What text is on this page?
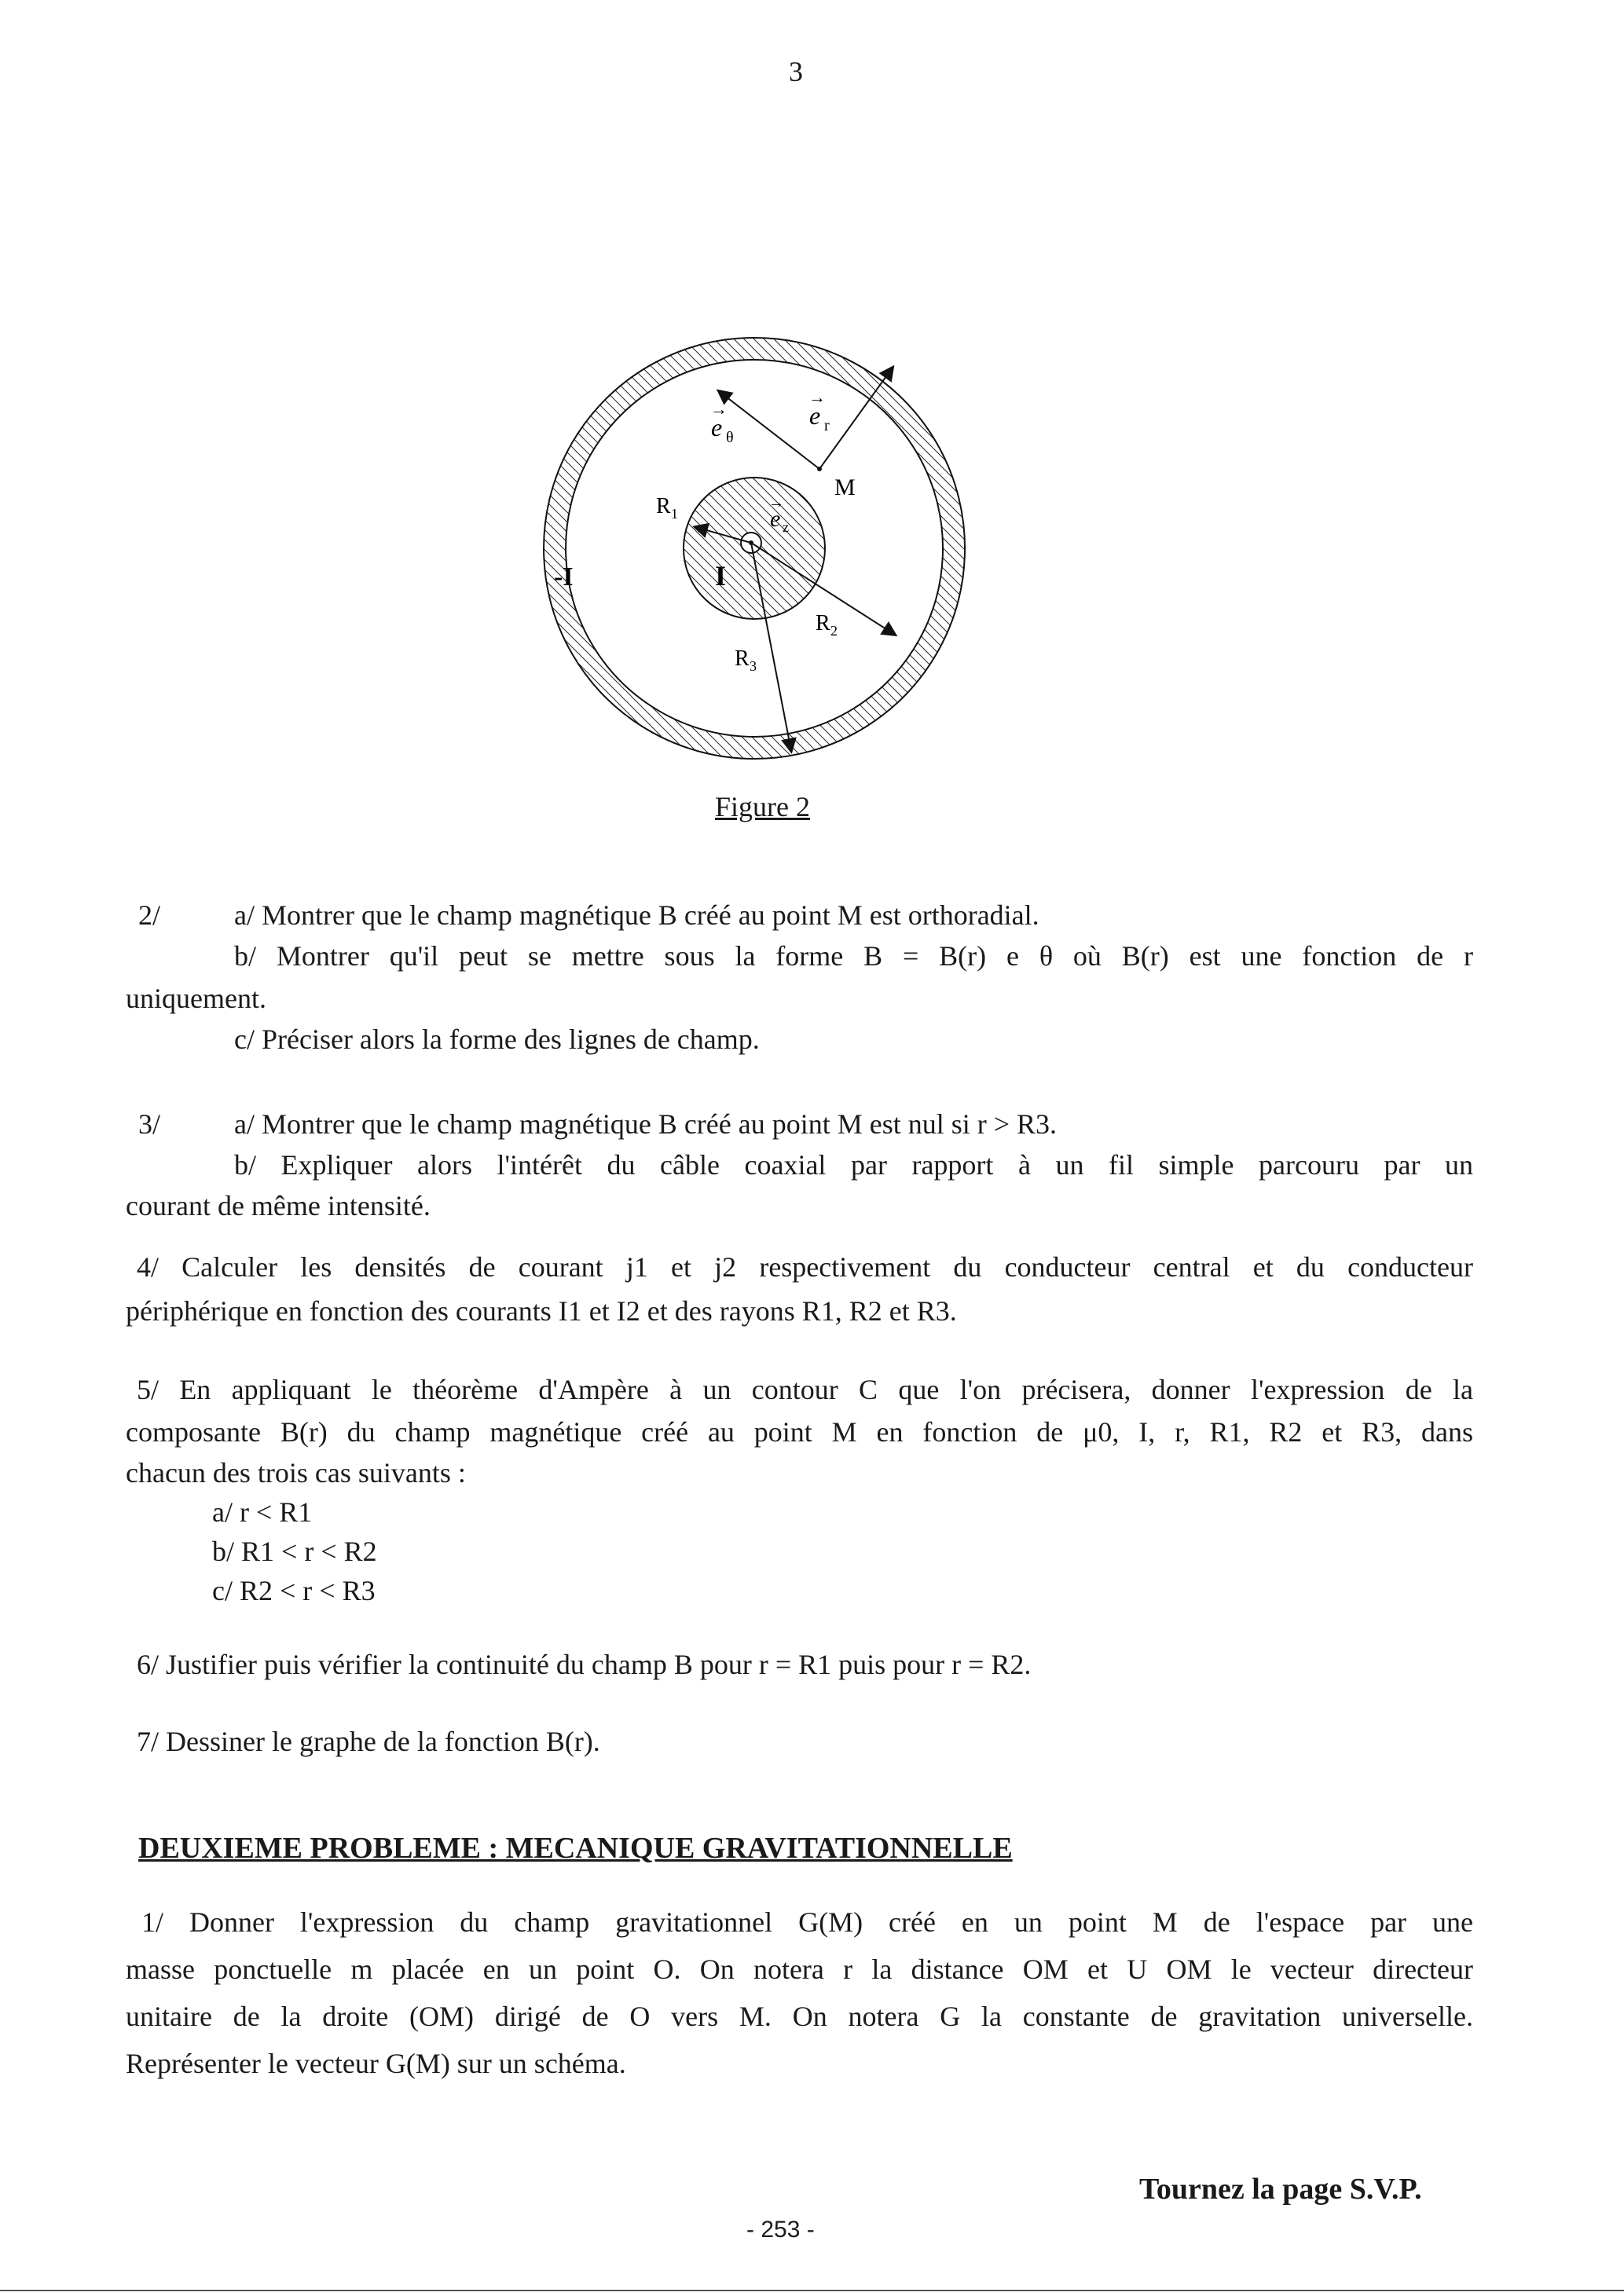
3
e
→
θ
e
→
r
e
→
z
M
R 1
R 2
R 3
I
-I
Figure 2
2/	a/ Montrer que le champ magnétique B créé au point M est orthoradial.
b/ Montrer qu'il peut se mettre sous la forme B = B(r) e θ où B(r) est une fonction de r
uniquement.
c/ Préciser alors la forme des lignes de champ.
3/	a/ Montrer que le champ magnétique B créé au point M est nul si r > R3.
b/ Expliquer alors l'intérêt du câble coaxial par rapport à un fil simple parcouru par un
courant de même intensité.
4/ Calculer les densités de courant j1 et j2 respectivement du conducteur central et du conducteur
périphérique en fonction des courants I1 et I2 et des rayons R1, R2 et R3.
5/ En appliquant le théorème d'Ampère à un contour C que l'on précisera, donner l'expression de la
composante B(r) du champ magnétique créé au point M en fonction de μ0, I, r, R1, R2 et R3, dans
chacun des trois cas suivants :
a/ r < R1
b/ R1 < r < R2
c/ R2 < r < R3
6/ Justifier puis vérifier la continuité du champ B pour r = R1 puis pour r = R2.
7/ Dessiner le graphe de la fonction B(r).
DEUXIEME PROBLEME : MECANIQUE GRAVITATIONNELLE
1/ Donner l'expression du champ gravitationnel G(M) créé en un point M de l'espace par une
masse ponctuelle m placée en un point O. On notera r la distance OM et U OM le vecteur directeur
unitaire de la droite (OM) dirigé de O vers M. On notera G la constante de gravitation universelle.
Représenter le vecteur G(M) sur un schéma.
Tournez la page S.V.P.
- 253 -
